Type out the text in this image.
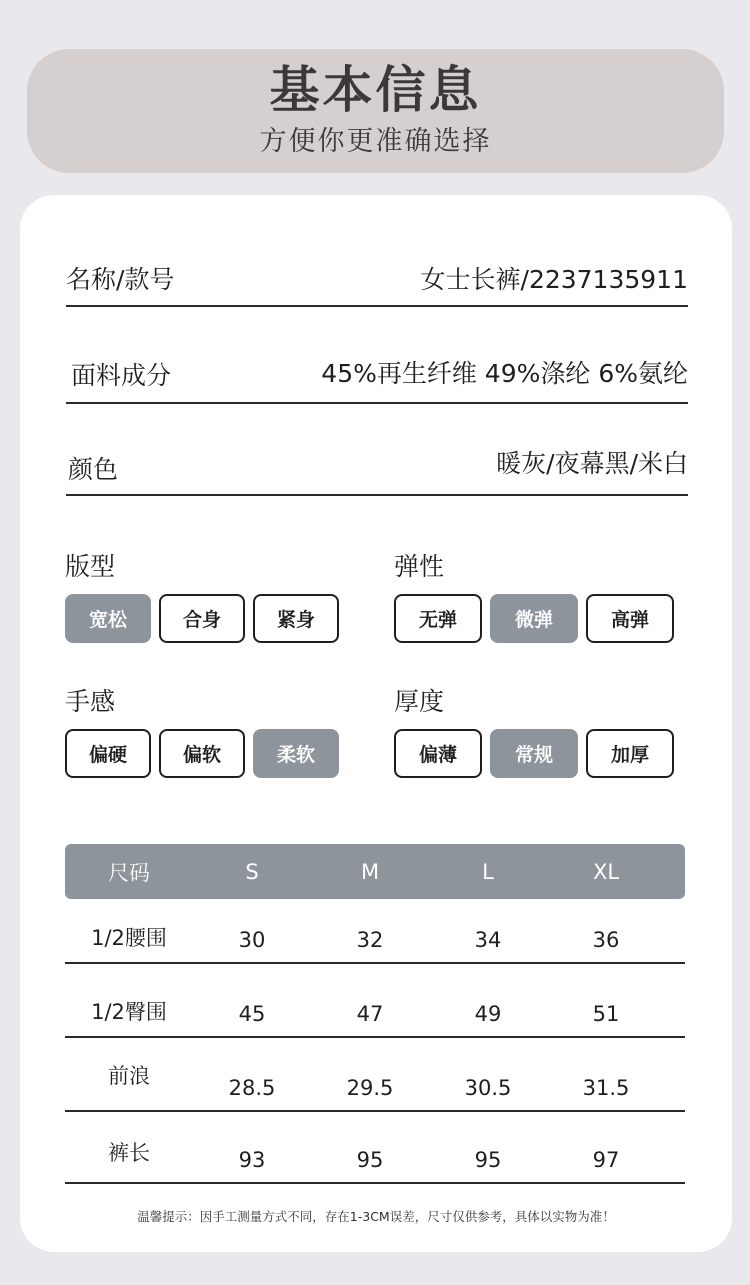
基本信息
方便你更准确选择
名称/款号	女士长裤/2237135911
面料成分	45%再生纤维 49%涤纶 6%氨纶
颜色	暖灰/夜幕黑/米白
版型
宽松	合身	紧身
弹性
无弹	微弹	高弹
手感
偏硬	偏软	柔软
厚度
偏薄	常规	加厚
尺码	S	M	L	XL
1/2腰围	30	32	34	36
1/2臀围	45	47	49	51
前浪	28.5	29.5	30.5	31.5
裤长	93	95	95	97
温馨提示：因手工测量方式不同，存在1-3CM误差，尺寸仅供参考，具体以实物为准！
